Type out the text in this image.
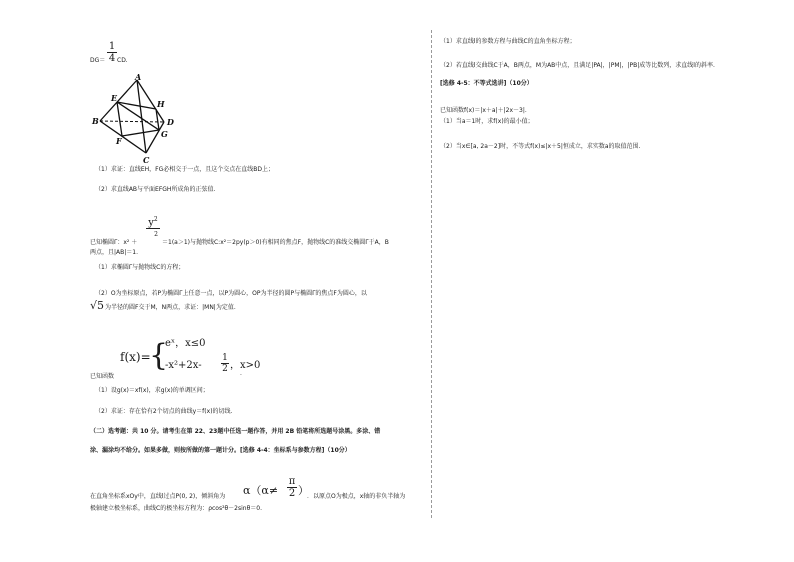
$\frac{1}{4}$
DG＝ CD.
A
B
C
D
E
F
G
H
（1）求证：直线EH，FG必相交于一点，且这个交点在直线BD上；
（2）求直线AB与平面EFGH所成角的正弦值.
$\frac{y^2}{^2}$
已知椭圆Γ：x² ＋	＝1(a＞1)与抛物线C:x²＝2py(p＞0)有相同的焦点F，抛物线C的准线交椭圆Γ于A，B
两点，且|AB|＝1.
（1）求椭圆Γ与抛物线C的方程；
（2）O为坐标原点，若P为椭圆Γ上任意一点，以P为圆心，OP为半径的圆P与椭圆Γ的焦点F为圆心，以
√5 为半径的圆F交于M，N两点，求证：|MN|为定值.
f(x)=
{
eˣ，x≤0
$-x^2+2x- \frac{1}{2}$ ，x>0
.
已知函数
（1）设g(x)＝xf(x)，求g(x)的单调区间；
（2）求证：存在恰有2个切点的曲线y＝f(x)的切线.
（二）选考题：共 10 分。请考生在第 22、23题中任选一题作答，并用 2B 铅笔将所选题号涂黑。多涂、错
涂、漏涂均不给分。如果多做，则按所做的第一题计分。[选修 4-4：坐标系与参数方程]（10分）
$\alpha(\alpha\ne \frac{\pi}{2}$ ）
在直角坐标系xOy中，直线l过点P(0, 2)，倾斜角为	．以原点O为极点，x轴的非负半轴为
极轴建立极坐标系，曲线C的极坐标方程为：ρcos²θ－2sinθ＝0.
（1）求直线l的参数方程与曲线C的直角坐标方程；
（2）若直线l交曲线C于A，B两点，M为AB中点，且满足|PA|，|PM|，|PB|成等比数列，求直线l的斜率.
[选修 4-5：不等式选讲]（10分）
已知函数f(x)＝|x＋a|＋|2x－3|.
（1）当a＝1时，求f(x)的最小值；
（2）当x∈[a, 2a－2]时，不等式f(x)≤|x＋5|恒成立，求实数a的取值范围.
